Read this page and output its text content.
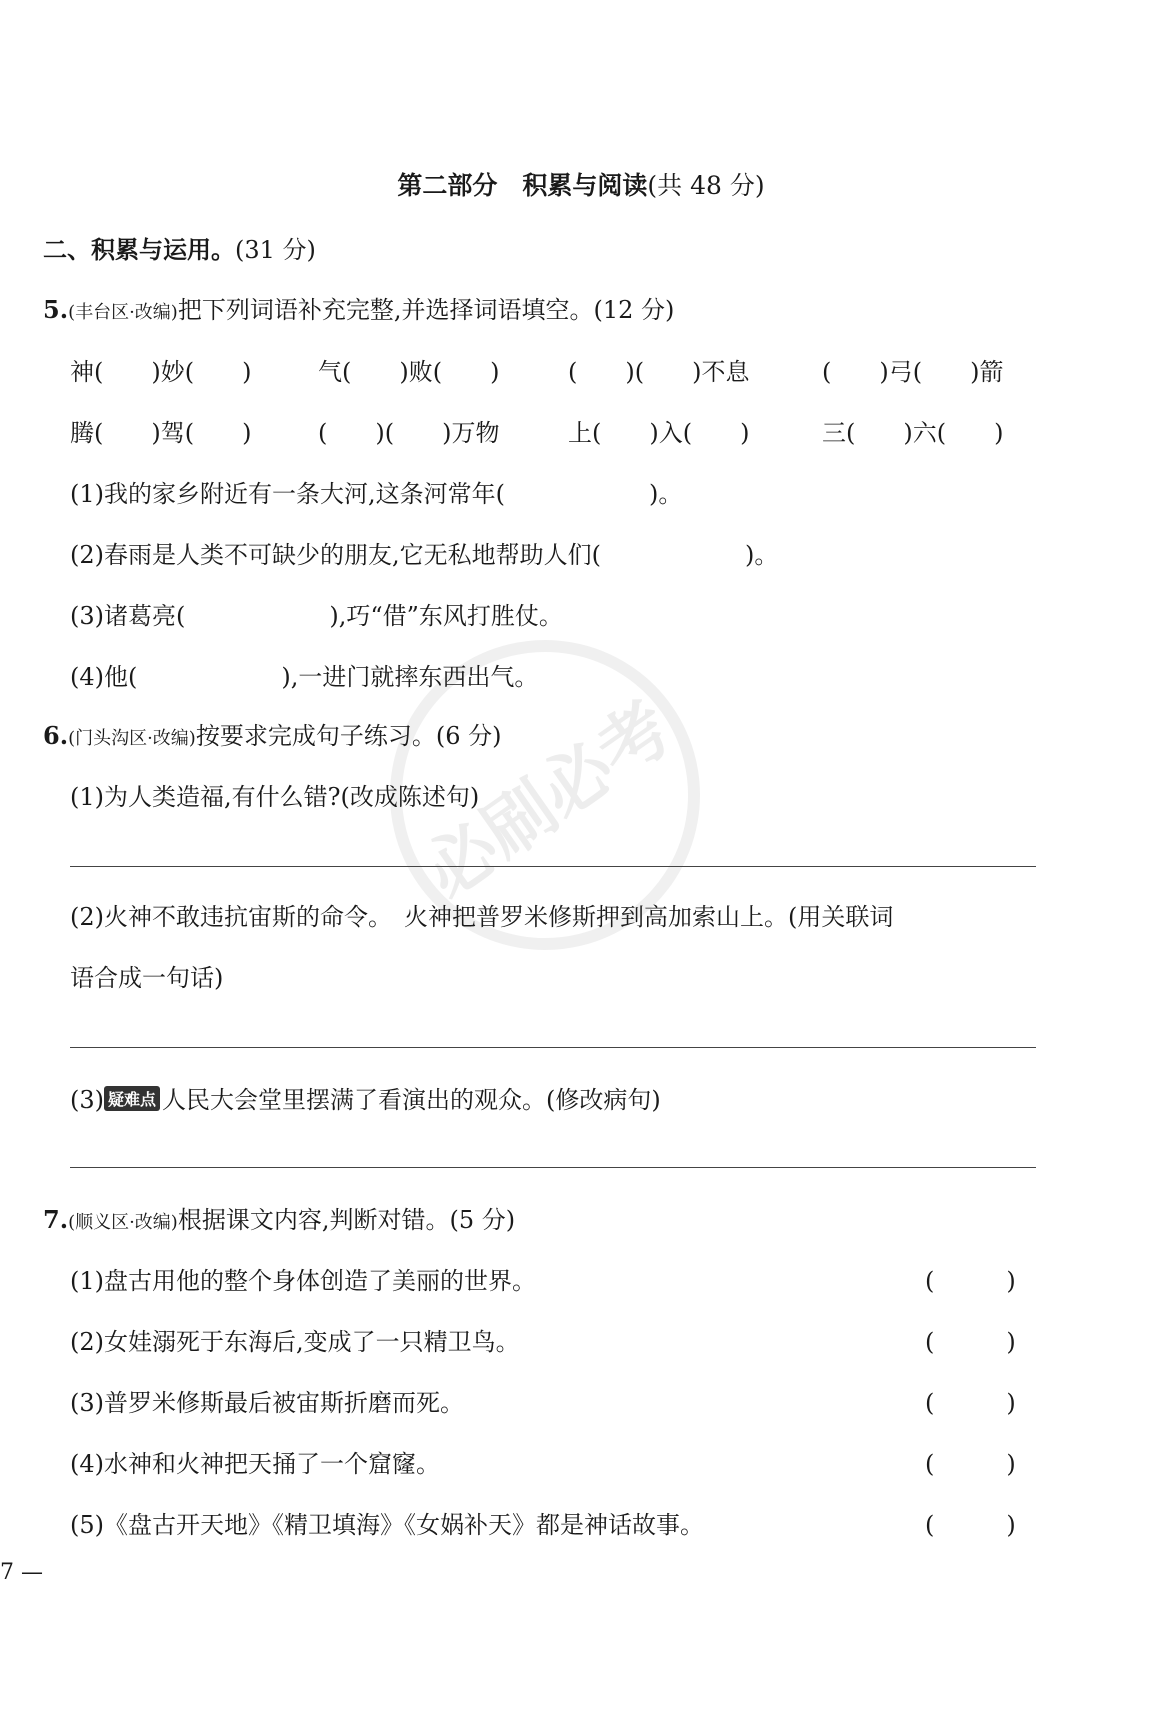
必刷必考
第二部分　积累与阅读(共 48 分)
二、积累与运用。(31 分)
5.(丰台区·改编)把下列词语补充完整,并选择词语填空。(12 分)
神(　　)妙(　　)	气(　　)败(　　)	(　　)(　　)不息	(　　)弓(　　)箭
腾(　　)驾(　　)	(　　)(　　)万物	上(　　)入(　　)	三(　　)六(　　)
(1)我的家乡附近有一条大河,这条河常年(　　　　　　)。
(2)春雨是人类不可缺少的朋友,它无私地帮助人们(　　　　　　)。
(3)诸葛亮(　　　　　　),巧“借”东风打胜仗。
(4)他(　　　　　　),一进门就摔东西出气。
6.(门头沟区·改编)按要求完成句子练习。(6 分)
(1)为人类造福,有什么错?(改成陈述句)
(2)火神不敢违抗宙斯的命令。　火神把普罗米修斯押到高加索山上。(用关联词
语合成一句话)
(3) 疑难点 人民大会堂里摆满了看演出的观众。(修改病句)
7.(顺义区·改编)根据课文内容,判断对错。(5 分)
(1)盘古用他的整个身体创造了美丽的世界。	(　　　)
(2)女娃溺死于东海后,变成了一只精卫鸟。	(　　　)
(3)普罗米修斯最后被宙斯折磨而死。	(　　　)
(4)水神和火神把天捅了一个窟窿。	(　　　)
(5)《盘古开天地》《精卫填海》《女娲补天》都是神话故事。	(　　　)
7 —
